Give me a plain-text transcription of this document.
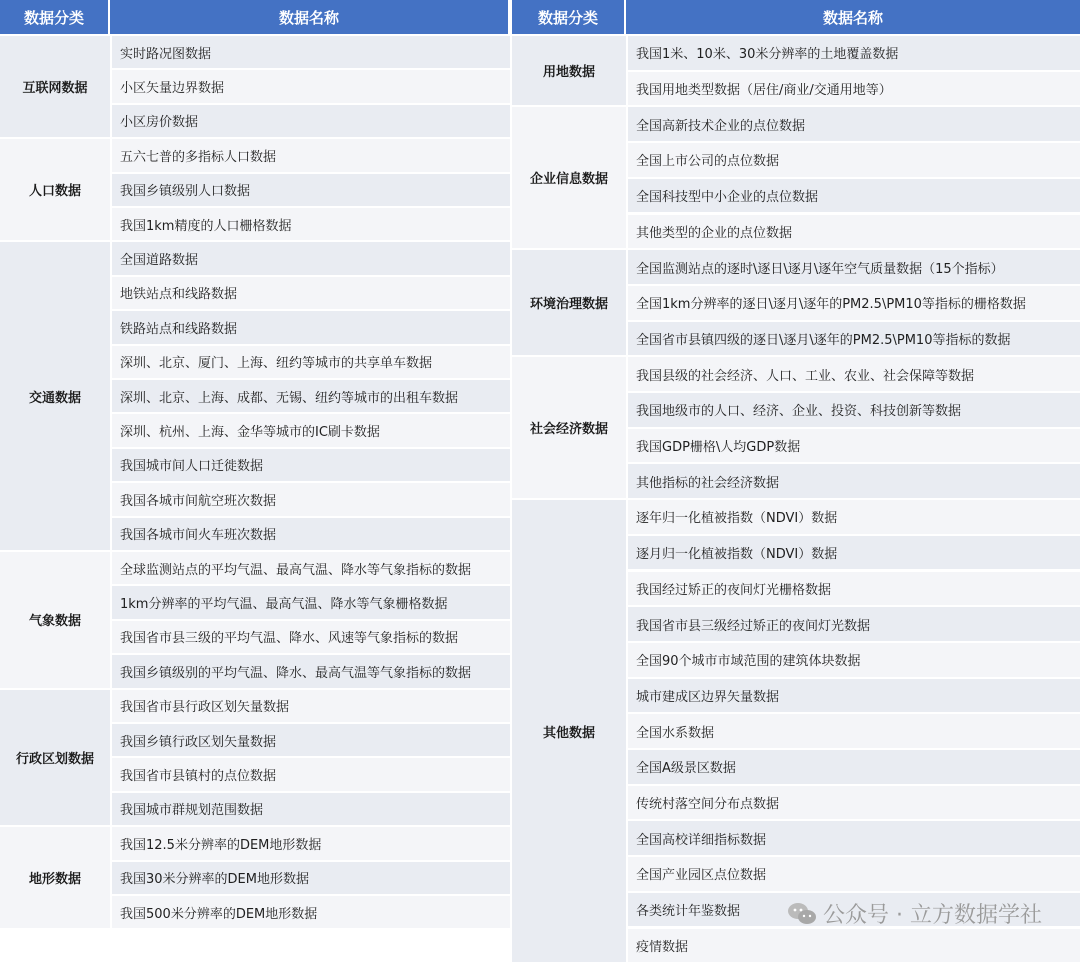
数据分类	数据名称
实时路况图数据
小区矢量边界数据
小区房价数据
互联网数据
五六七普的多指标人口数据
我国乡镇级别人口数据
我国1km精度的人口栅格数据
人口数据
全国道路数据
地铁站点和线路数据
铁路站点和线路数据
深圳、北京、厦门、上海、纽约等城市的共享单车数据
深圳、北京、上海、成都、无锡、纽约等城市的出租车数据
深圳、杭州、上海、金华等城市的IC刷卡数据
我国城市间人口迁徙数据
我国各城市间航空班次数据
我国各城市间火车班次数据
交通数据
全球监测站点的平均气温、最高气温、降水等气象指标的数据
1km分辨率的平均气温、最高气温、降水等气象栅格数据
我国省市县三级的平均气温、降水、风速等气象指标的数据
我国乡镇级别的平均气温、降水、最高气温等气象指标的数据
气象数据
我国省市县行政区划矢量数据
我国乡镇行政区划矢量数据
我国省市县镇村的点位数据
我国城市群规划范围数据
行政区划数据
我国12.5米分辨率的DEM地形数据
我国30米分辨率的DEM地形数据
我国500米分辨率的DEM地形数据
地形数据
数据分类	数据名称
我国1米、10米、30米分辨率的土地覆盖数据
我国用地类型数据（居住/商业/交通用地等）
用地数据
全国高新技术企业的点位数据
全国上市公司的点位数据
全国科技型中小企业的点位数据
其他类型的企业的点位数据
企业信息数据
全国监测站点的逐时\逐日\逐月\逐年空气质量数据（15个指标）
全国1km分辨率的逐日\逐月\逐年的PM2.5\PM10等指标的栅格数据
全国省市县镇四级的逐日\逐月\逐年的PM2.5\PM10等指标的数据
环境治理数据
我国县级的社会经济、人口、工业、农业、社会保障等数据
我国地级市的人口、经济、企业、投资、科技创新等数据
我国GDP栅格\人均GDP数据
其他指标的社会经济数据
社会经济数据
逐年归一化植被指数（NDVI）数据
逐月归一化植被指数（NDVI）数据
我国经过矫正的夜间灯光栅格数据
我国省市县三级经过矫正的夜间灯光数据
全国90个城市市域范围的建筑体块数据
城市建成区边界矢量数据
全国水系数据
全国A级景区数据
传统村落空间分布点数据
全国高校详细指标数据
全国产业园区点位数据
各类统计年鉴数据
疫情数据
其他数据
公众号 · 立方数据学社
